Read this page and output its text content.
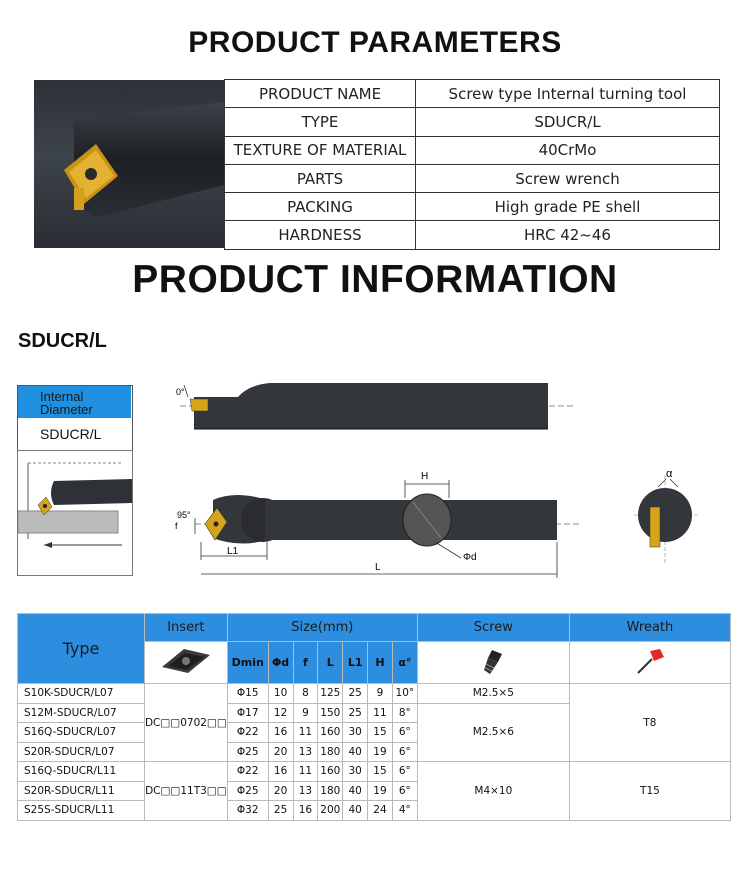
PRODUCT PARAMETERS
PRODUCT NAME	Screw type Internal turning tool
TYPE	SDUCR/L
TEXTURE OF MATERIAL	40CrMo
PARTS	Screw wrench
PACKING	High grade PE shell
HARDNESS	HRC 42~46
PRODUCT INFORMATION
SDUCR/L
Internal
Diameter
SDUCR/L
0°
H
Φd
f
95°
L1
L
α
Type	Insert	Size(mm)							Screw	Wreath
	Dmin	Φd	f	L	L1	H	α°		
S10K-SDUCR/L07	DC□□0702□□	Φ15	10	8	125	25	9	10°	M2.5×5	T8
S12M-SDUCR/L07		Φ17	12	9	150	25	11	8°	M2.5×6	
S16Q-SDUCR/L07		Φ22	16	11	160	30	15	6°		
S20R-SDUCR/L07		Φ25	20	13	180	40	19	6°		
S16Q-SDUCR/L11	DC□□11T3□□	Φ22	16	11	160	30	15	6°	M4×10	T15
S20R-SDUCR/L11		Φ25	20	13	180	40	19	6°		
S25S-SDUCR/L11		Φ32	25	16	200	40	24	4°		
